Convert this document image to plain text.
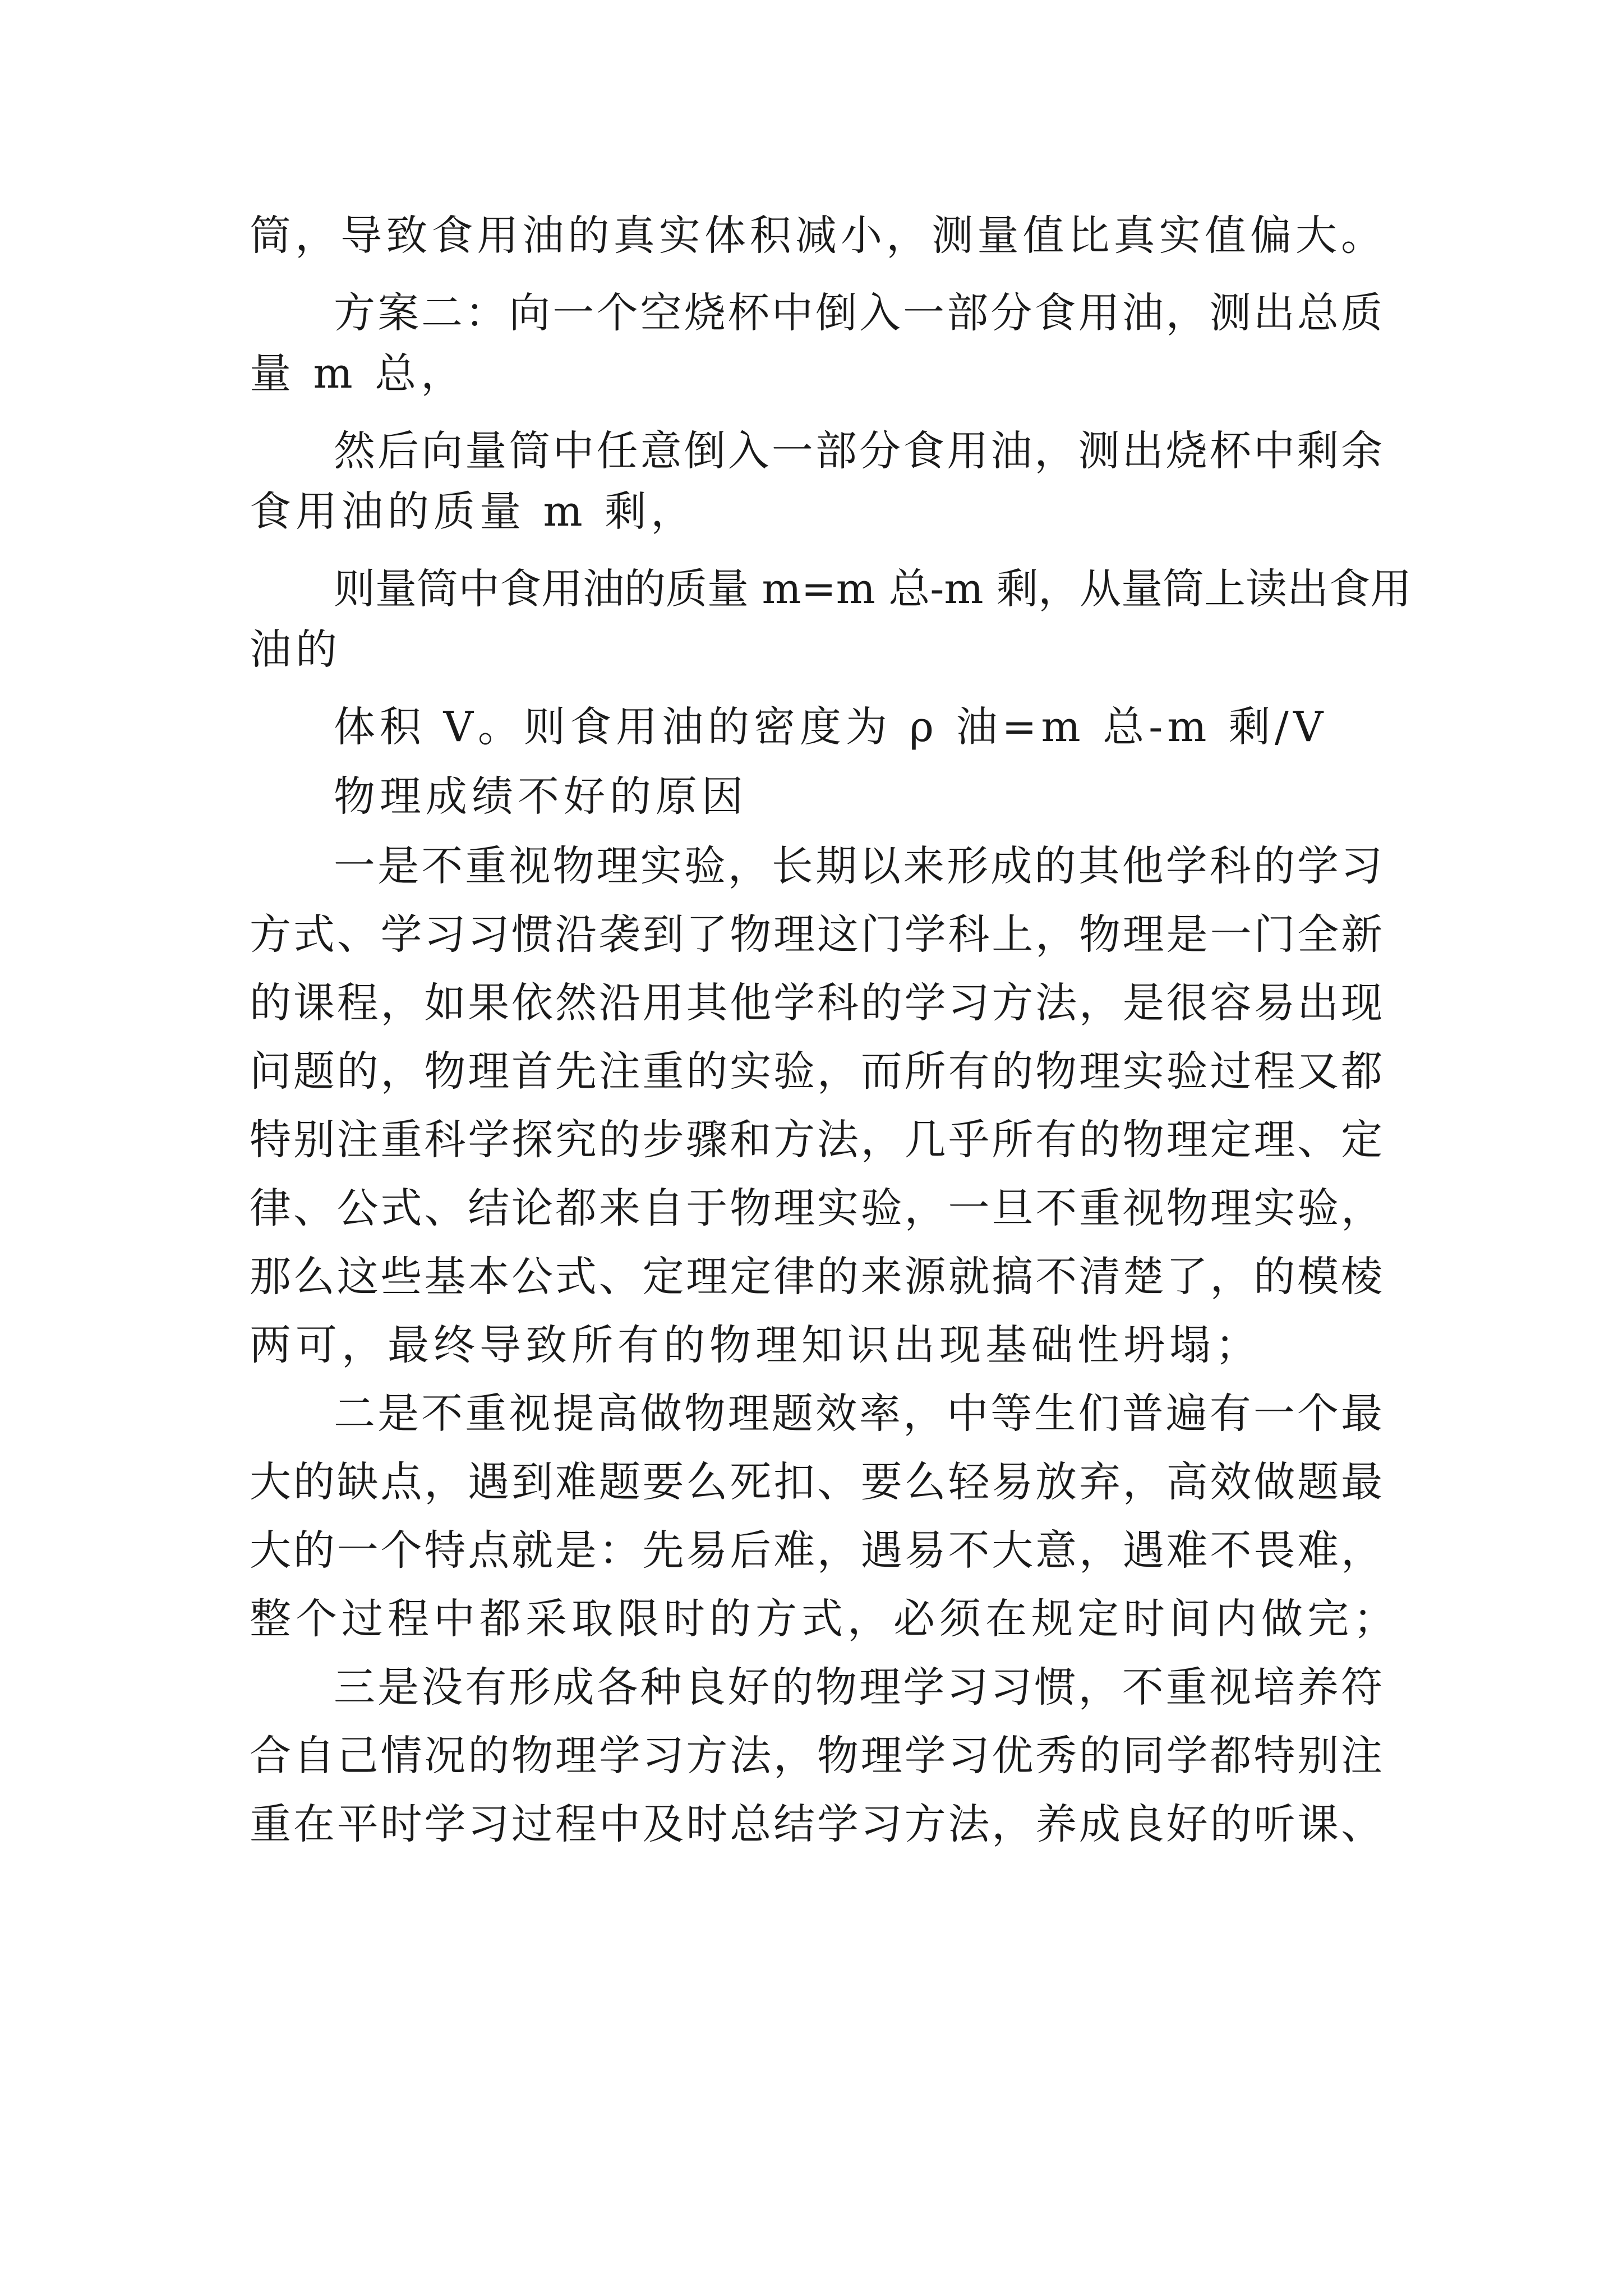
筒，导致食用油的真实体积减小，测量值比真实值偏大。
方案二：向一个空烧杯中倒入一部分食用油，测出总质
量 m 总，
然后向量筒中任意倒入一部分食用油，测出烧杯中剩余
食用油的质量 m 剩，
则量筒中食用油的质量 m=m 总-m 剩，从量筒上读出食用
油的
体积 V。则食用油的密度为 ρ 油=m 总-m 剩/V
物理成绩不好的原因
一是不重视物理实验，长期以来形成的其他学科的学习
方式、学习习惯沿袭到了物理这门学科上，物理是一门全新
的课程，如果依然沿用其他学科的学习方法，是很容易出现
问题的，物理首先注重的实验，而所有的物理实验过程又都
特别注重科学探究的步骤和方法，几乎所有的物理定理、定
律、公式、结论都来自于物理实验，一旦不重视物理实验，
那么这些基本公式、定理定律的来源就搞不清楚了，的模棱
两可，最终导致所有的物理知识出现基础性坍塌；
二是不重视提高做物理题效率，中等生们普遍有一个最
大的缺点，遇到难题要么死扣、要么轻易放弃，高效做题最
大的一个特点就是：先易后难，遇易不大意，遇难不畏难，
整个过程中都采取限时的方式，必须在规定时间内做完；
三是没有形成各种良好的物理学习习惯，不重视培养符
合自己情况的物理学习方法，物理学习优秀的同学都特别注
重在平时学习过程中及时总结学习方法，养成良好的听课、
